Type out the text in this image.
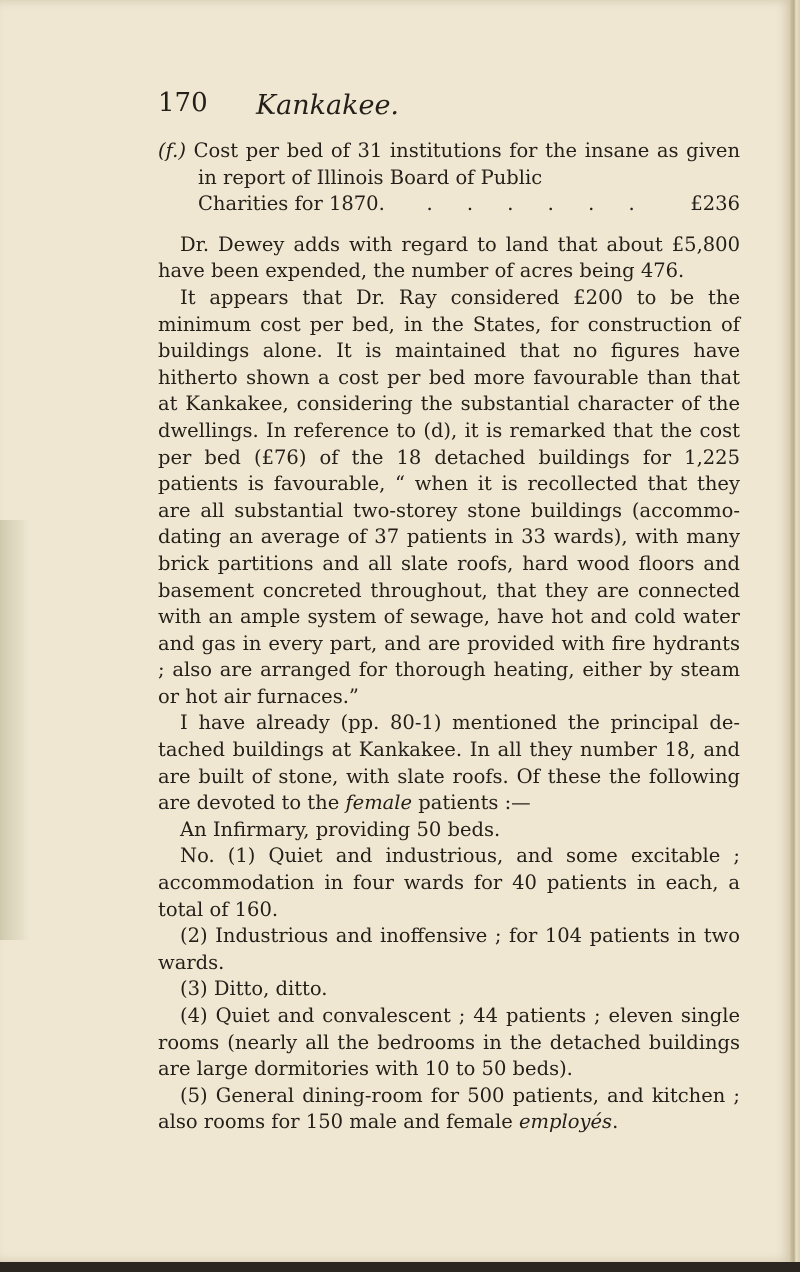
170 Kankakee.
(f.) Cost per bed of 31 institutions for the insane as given in report of Illinois Board of Public
Charities for 1870. . . . . . . £236

Dr. Dewey adds with regard to land that about £5,800 have been expended, the number of acres being 476.

It appears that Dr. Ray considered £200 to be the minimum cost per bed, in the States, for construction of buildings alone. It is maintained that no figures have hitherto shown a cost per bed more favourable than that at Kankakee, considering the substantial character of the dwellings. In reference to (d), it is remarked that the cost per bed (£76) of the 18 detached buildings for 1,225 patients is favourable, “ when it is recollected that they are all substantial two-storey stone buildings (accommo-dating an average of 37 patients in 33 wards), with many brick partitions and all slate roofs, hard wood floors and basement concreted throughout, that they are connected with an ample system of sewage, have hot and cold water and gas in every part, and are provided with fire hydrants ; also are arranged for thorough heating, either by steam or hot air furnaces.”

I have already (pp. 80-1) mentioned the principal de-tached buildings at Kankakee. In all they number 18, and are built of stone, with slate roofs. Of these the following are devoted to the female patients :—

An Infirmary, providing 50 beds.

No. (1) Quiet and industrious, and some excitable ; accommodation in four wards for 40 patients in each, a total of 160.

(2) Industrious and inoffensive ; for 104 patients in two wards.

(3) Ditto, ditto.

(4) Quiet and convalescent ; 44 patients ; eleven single rooms (nearly all the bedrooms in the detached buildings are large dormitories with 10 to 50 beds).

(5) General dining-room for 500 patients, and kitchen ; also rooms for 150 male and female employés.
